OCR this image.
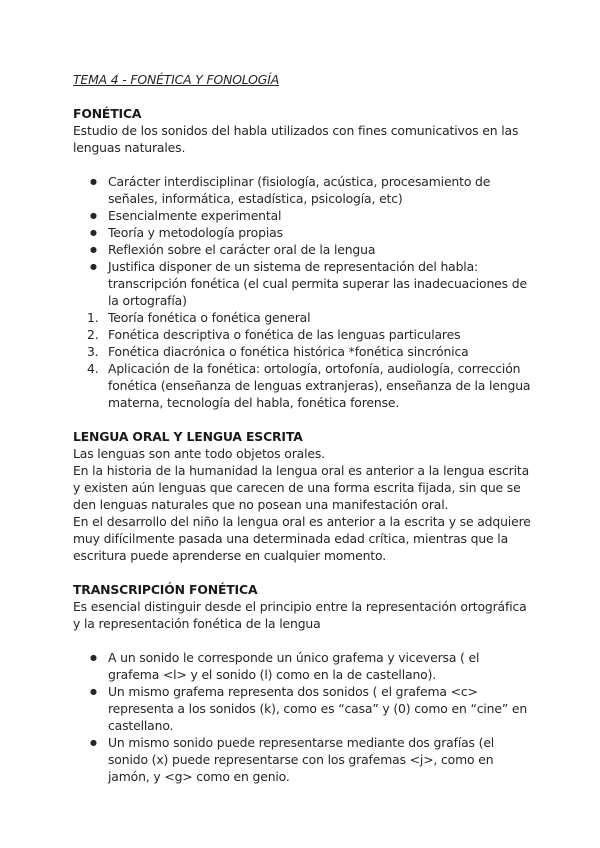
TEMA 4 - FONÉTICA Y FONOLOGÍA

FONÉTICA

Estudio de los sonidos del habla utilizados con fines comunicativos en las lenguas naturales.

Carácter interdisciplinar (fisiología, acústica, procesamiento de señales, informática, estadística, psicología, etc)
Esencialmente experimental
Teoría y metodología propias
Reflexión sobre el carácter oral de la lengua
Justifica disponer de un sistema de representación del habla: transcripción fonética (el cual permita superar las inadecuaciones de la ortografía)
1. Teoría fonética o fonética general
2. Fonética descriptiva o fonética de las lenguas particulares
3. Fonética diacrónica o fonética histórica *fonética sincrónica
4. Aplicación de la fonética: ortología, ortofonía, audiología, corrección fonética (enseñanza de lenguas extranjeras), enseñanza de la lengua materna, tecnología del habla, fonética forense.
LENGUA ORAL Y LENGUA ESCRITA

Las lenguas son ante todo objetos orales.

En la historia de la humanidad la lengua oral es anterior a la lengua escrita y existen aún lenguas que carecen de una forma escrita fijada, sin que se den lenguas naturales que no posean una manifestación oral.

En el desarrollo del niño la lengua oral es anterior a la escrita y se adquiere muy difícilmente pasada una determinada edad crítica, mientras que la escritura puede aprenderse en cualquier momento.

TRANSCRIPCIÓN FONÉTICA

Es esencial distinguir desde el principio entre la representación ortográfica y la representación fonética de la lengua

A un sonido le corresponde un único grafema y viceversa ( el grafema <l> y el sonido (l) como en la de castellano).
Un mismo grafema representa dos sonidos ( el grafema <c> representa a los sonidos (k), como es “casa” y (0) como en “cine” en castellano.
Un mismo sonido puede representarse mediante dos grafías (el sonido (x) puede representarse con los grafemas <j>, como en jamón, y <g> como en genio.
